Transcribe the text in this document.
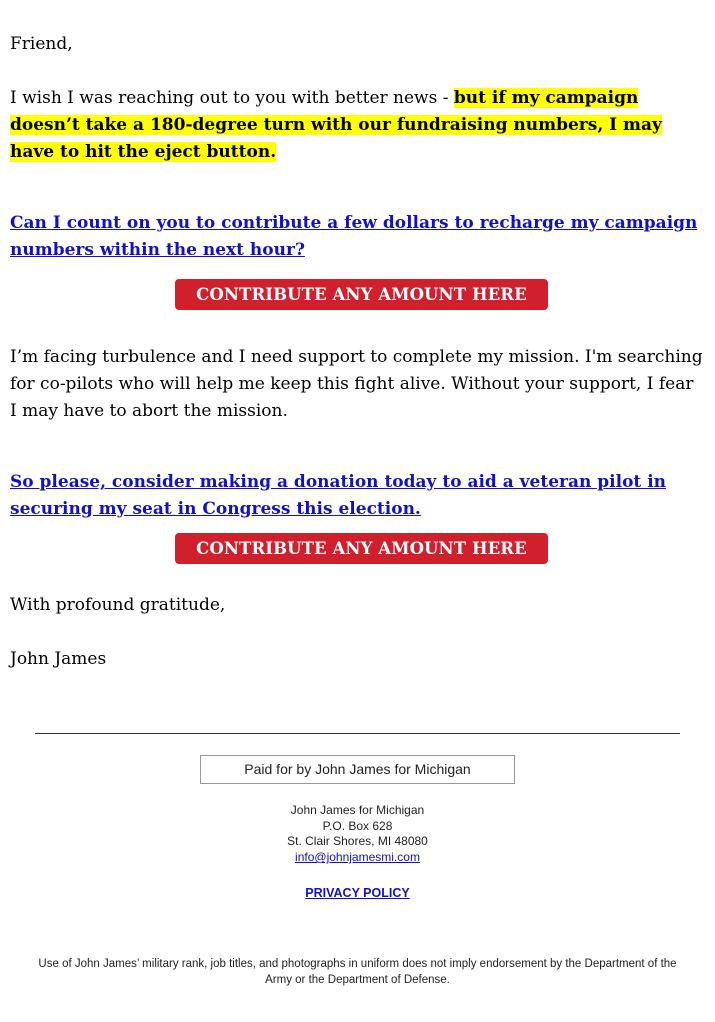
Friend,

I wish I was reaching out to you with better news - but if my campaign doesn’t take a 180-degree turn with our fundraising numbers, I may have to hit the eject button.

Can I count on you to contribute a few dollars to recharge my campaign numbers within the next hour?

I’m facing turbulence and I need support to complete my mission. I'm searching for co-pilots who will help me keep this fight alive. Without your support, I fear I may have to abort the mission.

So please, consider making a donation today to aid a veteran pilot in securing my seat in Congress this election.

CONTRIBUTE ANY AMOUNT HERE
CONTRIBUTE ANY AMOUNT HERE

With profound gratitude,

John James

Paid for by John James for Michigan
John James for Michigan
P.O. Box 628
St. Clair Shores, MI 48080
info@johnjamesmi.com
PRIVACY POLICY
Use of John James’ military rank, job titles, and photographs in uniform does not imply endorsement by the Department of the Army or the Department of Defense.
